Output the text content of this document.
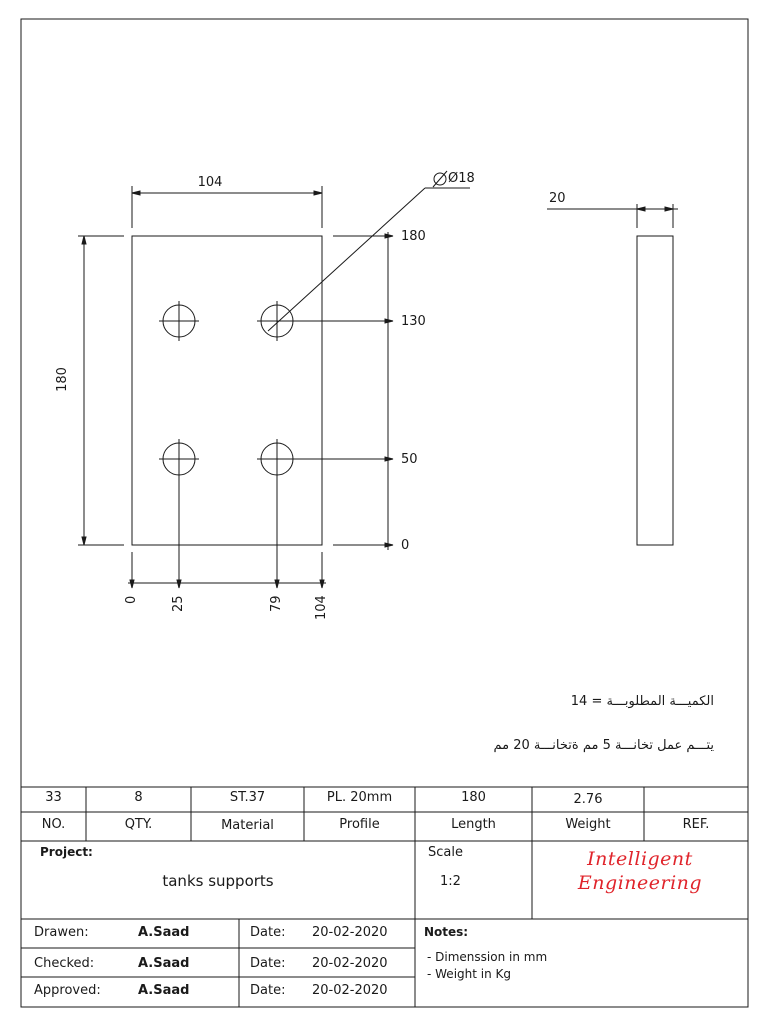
104
180
Ø18
20
180
130
50
0
0 25	79 104
الكميـــة المطلوبـــة = 14
يتـــم عمل تخانـــة 5 مم ةتخانـــة 20 مم
33	8	ST.37	PL. 20mm	180	2.76
NO.	QTY.	Material	Profile	Length	Weight	REF.
Project:
tanks supports
Scale
1:2
Intelligent
Engineering
Drawen:	A.Saad	Date: 20-02-2020
Checked:	A.Saad	Date: 20-02-2020
Approved:	A.Saad	Date: 20-02-2020
Notes:
- Dimenssion in mm
- Weight in Kg
